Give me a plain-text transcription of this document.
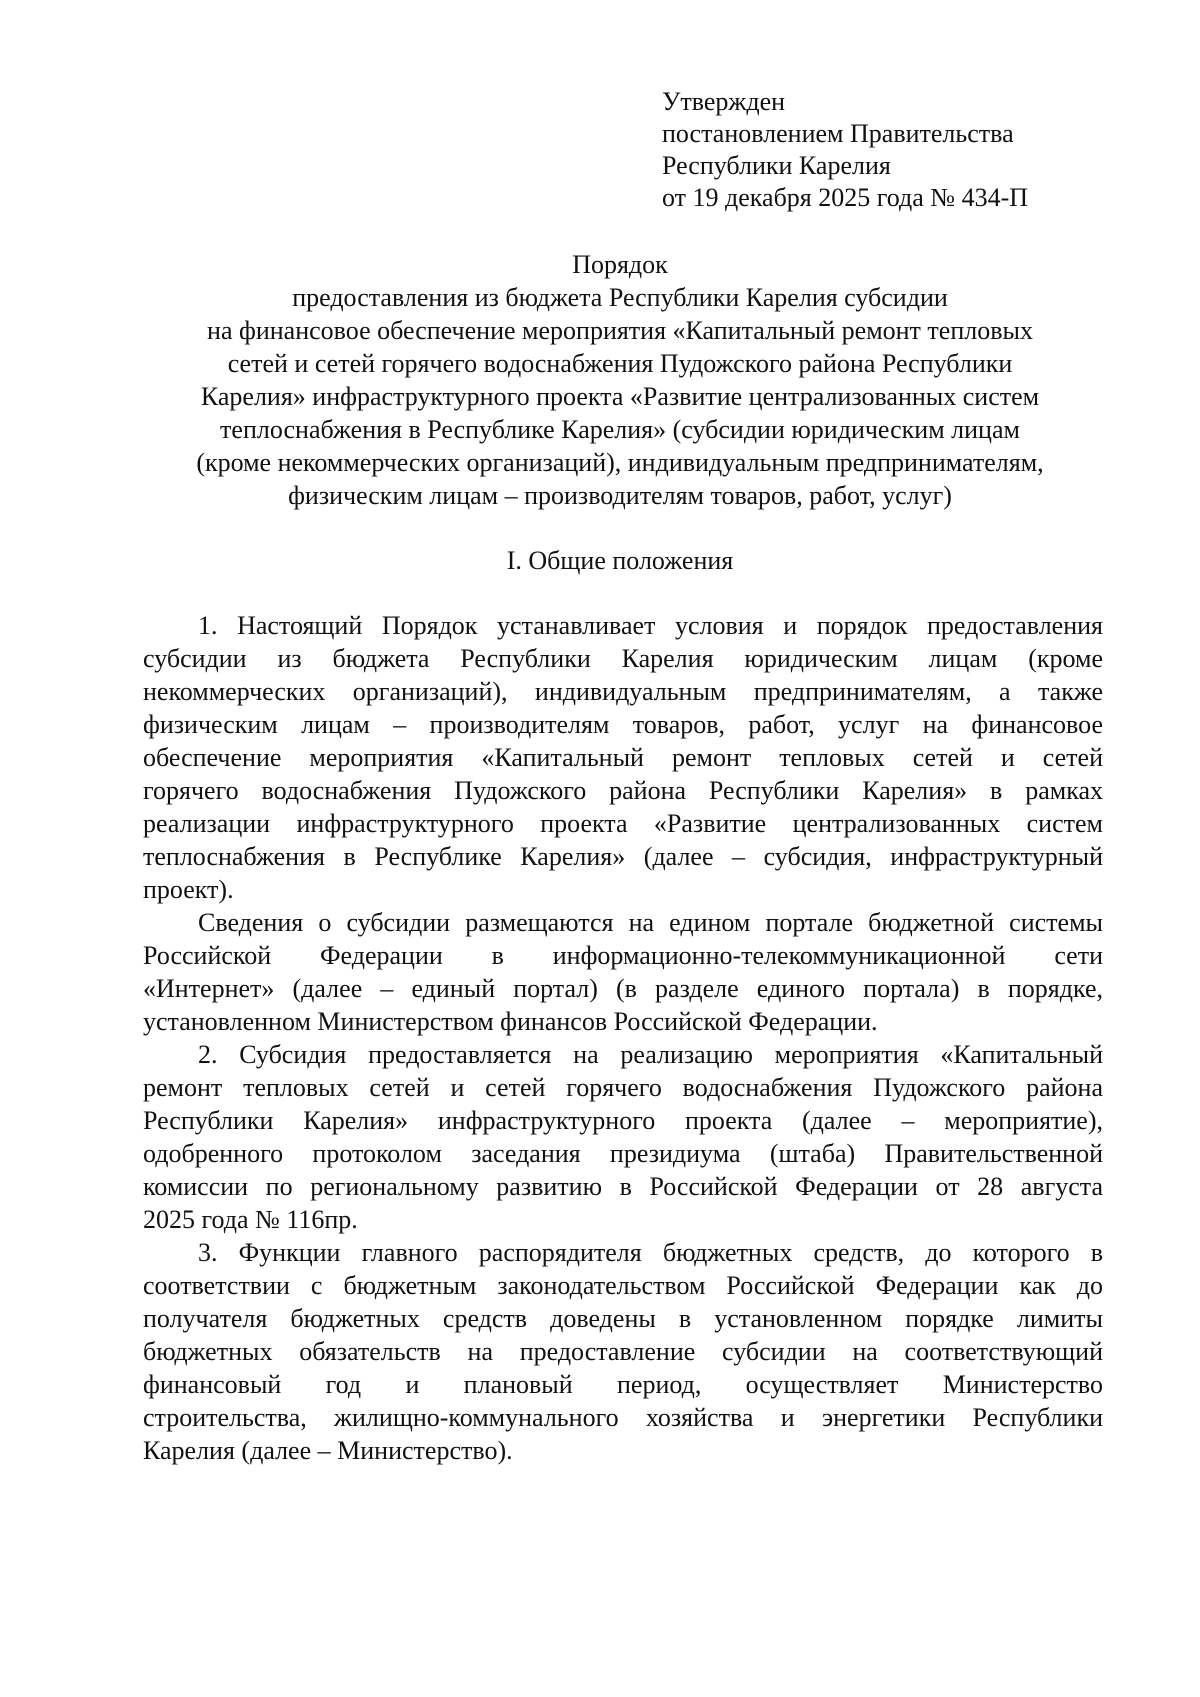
Утвержден
постановлением Правительства
Республики Карелия
от 19 декабря 2025 года № 434-П
Порядок
предоставления из бюджета Республики Карелия субсидии
на финансовое обеспечение мероприятия «Капитальный ремонт тепловых
сетей и сетей горячего водоснабжения Пудожского района Республики
Карелия» инфраструктурного проекта «Развитие централизованных систем
теплоснабжения в Республике Карелия» (субсидии юридическим лицам
(кроме некоммерческих организаций), индивидуальным предпринимателям,
физическим лицам – производителям товаров, работ, услуг)
I. Общие положения
1. Настоящий Порядок устанавливает условия и порядок предоставления
субсидии из бюджета Республики Карелия юридическим лицам (кроме
некоммерческих организаций), индивидуальным предпринимателям, а также
физическим лицам – производителям товаров, работ, услуг на финансовое
обеспечение мероприятия «Капитальный ремонт тепловых сетей и сетей
горячего водоснабжения Пудожского района Республики Карелия» в рамках
реализации инфраструктурного проекта «Развитие централизованных систем
теплоснабжения в Республике Карелия» (далее – субсидия, инфраструктурный
проект).
Сведения о субсидии размещаются на едином портале бюджетной системы
Российской Федерации в информационно-телекоммуникационной сети
«Интернет» (далее – единый портал) (в разделе единого портала) в порядке,
установленном Министерством финансов Российской Федерации.
2. Субсидия предоставляется на реализацию мероприятия «Капитальный
ремонт тепловых сетей и сетей горячего водоснабжения Пудожского района
Республики Карелия» инфраструктурного проекта (далее – мероприятие),
одобренного протоколом заседания президиума (штаба) Правительственной
комиссии по региональному развитию в Российской Федерации от 28 августа
2025 года № 116пр.
3. Функции главного распорядителя бюджетных средств, до которого в
соответствии с бюджетным законодательством Российской Федерации как до
получателя бюджетных средств доведены в установленном порядке лимиты
бюджетных обязательств на предоставление субсидии на соответствующий
финансовый год и плановый период, осуществляет Министерство
строительства, жилищно-коммунального хозяйства и энергетики Республики
Карелия (далее – Министерство).
